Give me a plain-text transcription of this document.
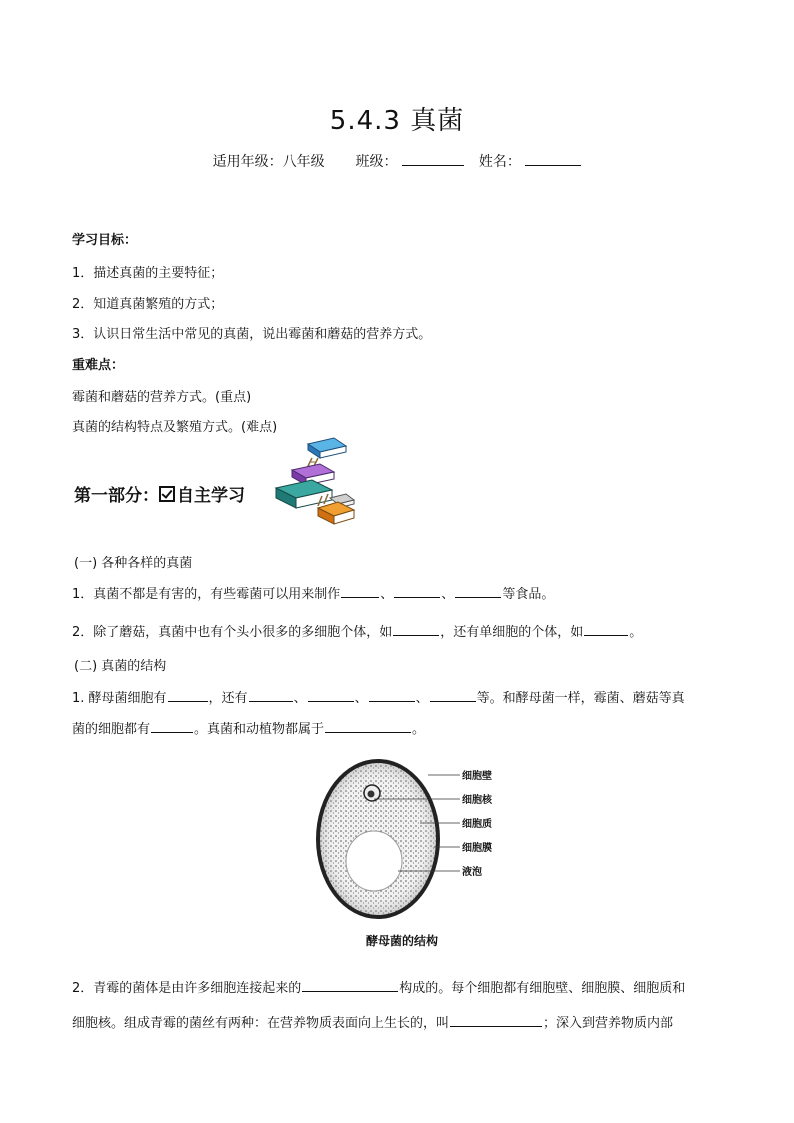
5.4.3 真菌
适用年级：八年级 班级：	姓名：
学习目标：
1．描述真菌的主要特征；
2．知道真菌繁殖的方式；
3．认识日常生活中常见的真菌，说出霉菌和蘑菇的营养方式。
重难点：
霉菌和蘑菇的营养方式。(重点)
真菌的结构特点及繁殖方式。(难点)
第一部分： 自主学习
(一) 各种各样的真菌
1．真菌不都是有害的，有些霉菌可以用来制作	、	、	等食品。
2．除了蘑菇，真菌中也有个头小很多的多细胞个体，如	，还有单细胞的个体，如	。
(二) 真菌的结构
1. 酵母菌细胞有	，还有	、	、	、	等。和酵母菌一样，霉菌、蘑菇等真
菌的细胞都有	。真菌和动植物都属于	。
细胞壁
细胞核
细胞质
细胞膜
液泡
酵母菌的结构
2．青霉的菌体是由许多细胞连接起来的	构成的。每个细胞都有细胞壁、细胞膜、细胞质和
细胞核。组成青霉的菌丝有两种：在营养物质表面向上生长的，叫	；深入到营养物质内部
